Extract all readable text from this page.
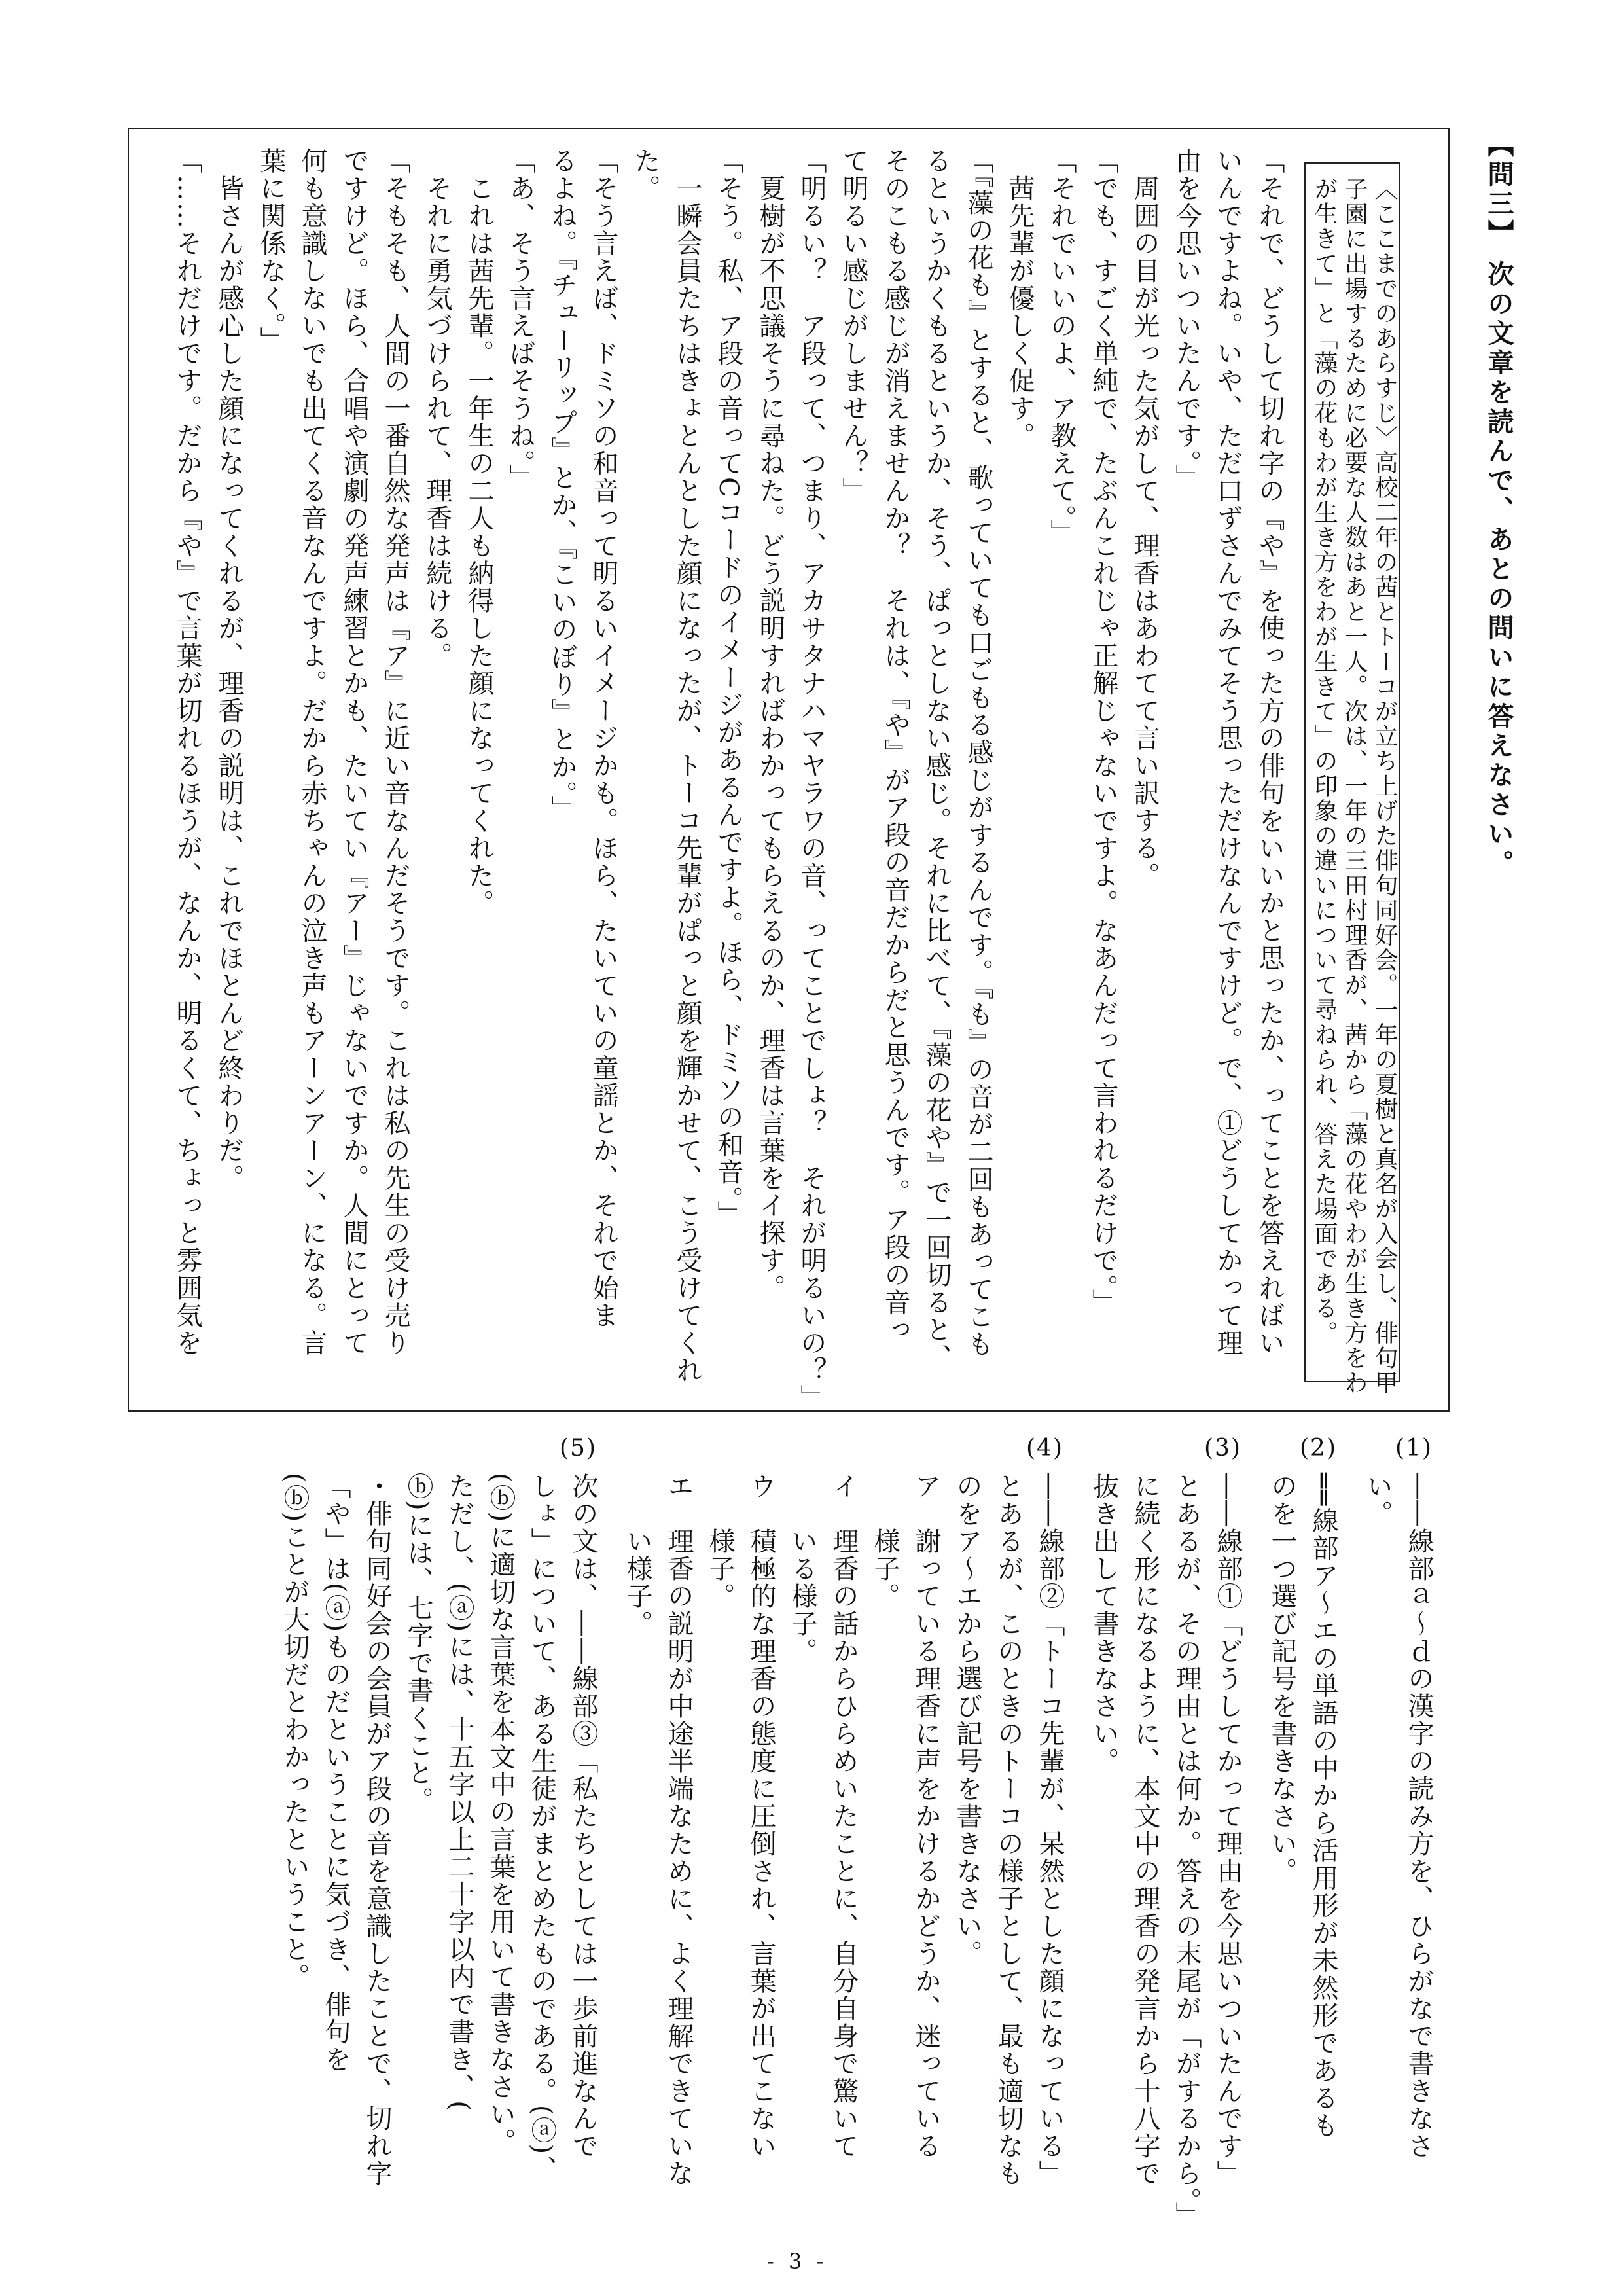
【問三】次の文章を読んで、あとの問いに答えなさい。
〈ここまでのあらすじ〉高校二年の茜とトーコが立ち上げた俳句同好会。一年の夏樹と真名が入会し、俳句甲
子園に出場するために必要な人数はあと一人。次は、一年の三田村理香が、茜から「藻の花やわが生き方をわ
が生きて」と「藻の花もわが生き方をわが生きて」の印象の違いについて尋ねられ、答えた場面である。
「それで、どうして切れ字の『や』を使った方の俳句をいいかと思ったか、ってことを答えればい
いんですよね。いや、ただ口ずさんでみてそう思っただけなんですけど。で、①どうしてかって理
由を今思いついたんです。」
　周囲の目が光った気がして、理香はあわてて言い訳する。
「でも、すごく単純で、たぶんこれじゃ正解じゃないですよ。なあんだって言われるだけで。」
「それでいいのよ、ア教えて。」
　茜先輩が優しく促す。
「『藻の花も』とすると、歌っていても口ごもる感じがするんです。『も』の音が二回もあってこも
るというかくもるというか、そう、ぱっとしない感じ。それに比べて、『藻の花や』で一回切ると、
そのこもる感じが消えませんか？　それは、『や』がア段の音だからだと思うんです。ア段の音っ
て明るい感じがしません？」
「明るい？　ア段って、つまり、アカサタナハマヤラワの音、ってことでしょ？　それが明るいの？」
　夏樹が不思議そうに尋ねた。どう説明すればわかってもらえるのか、理香は言葉をイ探す。
「そう。私、ア段の音ってCコードのイメージがあるんですよ。ほら、ドミソの和音。」
　一瞬会員たちはきょとんとした顔になったが、トーコ先輩がぱっと顔を輝かせて、こう受けてくれ
た。
「そう言えば、ドミソの和音って明るいイメージかも。ほら、たいていの童謡とか、それで始ま
るよね。『チューリップ』とか、『こいのぼり』とか。」
「あ、そう言えばそうね。」
　これは茜先輩。一年生の二人も納得した顔になってくれた。
　それに勇気づけられて、理香は続ける。
「そもそも、人間の一番自然な発声は『ア』に近い音なんだそうです。これは私の先生の受け売り
ですけど。ほら、合唱や演劇の発声練習とかも、たいてい『アー』じゃないですか。人間にとって
何も意識しないでも出てくる音なんですよ。だから赤ちゃんの泣き声もアーンアーン、になる。言
葉に関係なく。」
　皆さんが感心した顔になってくれるが、理香の説明は、これでほとんど終わりだ。
「……それだけです。だから『や』で言葉が切れるほうが、なんか、明るくて、ちょっと雰囲気を
(1)
――線部ａ～ｄの漢字の読み方を、ひらがなで書きなさ
い。
(2)
══線部ア～エの単語の中から活用形が未然形であるも
のを一つ選び記号を書きなさい。
(3)
――線部①「どうしてかって理由を今思いついたんです」
とあるが、その理由とは何か。答えの末尾が「がするから。」
に続く形になるように、本文中の理香の発言から十八字で
抜き出して書きなさい。
(4)
――線部②「トーコ先輩が、呆然とした顔になっている」
とあるが、このときのトーコの様子として、最も適切なも
のをア～エから選び記号を書きなさい。
ア　謝っている理香に声をかけるかどうか、迷っている
　　様子。
イ　理香の話からひらめいたことに、自分自身で驚いて
　　いる様子。
ウ　積極的な理香の態度に圧倒され、言葉が出てこない
　　様子。
エ　理香の説明が中途半端なために、よく理解できていな
　　い様子。
(5)
次の文は、――線部③「私たちとしては一歩前進なんで
しょ」について、ある生徒がまとめたものである。(ⓐ)、
(ⓑ)に適切な言葉を本文中の言葉を用いて書きなさい。
ただし、(ⓐ)には、十五字以上二十字以内で書き、(
ⓑ)には、七字で書くこと。
・俳句同好会の会員がア段の音を意識したことで、切れ字
「や」は(ⓐ)ものだということに気づき、俳句を
(ⓑ)ことが大切だとわかったということ。
- 3 -
